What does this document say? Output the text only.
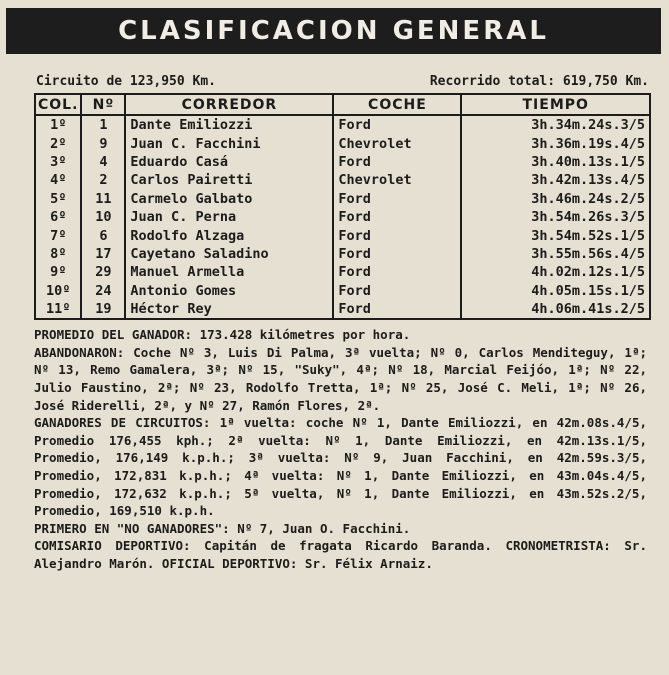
CLASIFICACION GENERAL
Circuito de 123,950 Km.	Recorrido total: 619,750 Km.
COL.	Nº	CORREDOR	COCHE	TIEMPO
1º	1	Dante Emiliozzi	Ford	3h.34m.24s.3/5
2º	9	Juan C. Facchini	Chevrolet	3h.36m.19s.4/5
3º	4	Eduardo Casá	Ford	3h.40m.13s.1/5
4º	2	Carlos Pairetti	Chevrolet	3h.42m.13s.4/5
5º	11	Carmelo Galbato	Ford	3h.46m.24s.2/5
6º	10	Juan C. Perna	Ford	3h.54m.26s.3/5
7º	6	Rodolfo Alzaga	Ford	3h.54m.52s.1/5
8º	17	Cayetano Saladino	Ford	3h.55m.56s.4/5
9º	29	Manuel Armella	Ford	4h.02m.12s.1/5
10º	24	Antonio Gomes	Ford	4h.05m.15s.1/5
11º	19	Héctor Rey	Ford	4h.06m.41s.2/5

PROMEDIO DEL GANADOR: 173.428 kilómetres por hora.

ABANDONARON: Coche Nº 3, Luis Di Palma, 3ª vuelta; Nº 0, Carlos Menditeguy, 1ª; Nº 13, Remo Gamalera, 3ª; Nº 15, "Suky", 4ª; Nº 18, Marcial Feijóo, 1ª; Nº 22, Julio Faustino, 2ª; Nº 23, Rodolfo Tretta, 1ª; Nº 25, José C. Meli, 1ª; Nº 26, José Riderelli, 2ª, y Nº 27, Ramón Flores, 2ª.

GANADORES DE CIRCUITOS: 1ª vuelta: coche Nº 1, Dante Emiliozzi, en 42m.08s.4/5, Promedio 176,455 kph.; 2ª vuelta: Nº 1, Dante Emiliozzi, en 42m.13s.1/5, Promedio, 176,149 k.p.h.; 3ª vuelta: Nº 9, Juan Facchini, en 42m.59s.3/5, Promedio, 172,831 k.p.h.; 4ª vuelta: Nº 1, Dante Emiliozzi, en 43m.04s.4/5, Promedio, 172,632 k.p.h.; 5ª vuelta, Nº 1, Dante Emiliozzi, en 43m.52s.2/5, Promedio, 169,510 k.p.h.

PRIMERO EN "NO GANADORES": Nº 7, Juan O. Facchini.

COMISARIO DEPORTIVO: Capitán de fragata Ricardo Baranda. CRONOMETRISTA: Sr. Alejandro Marón. OFICIAL DEPORTIVO: Sr. Félix Arnaiz.
